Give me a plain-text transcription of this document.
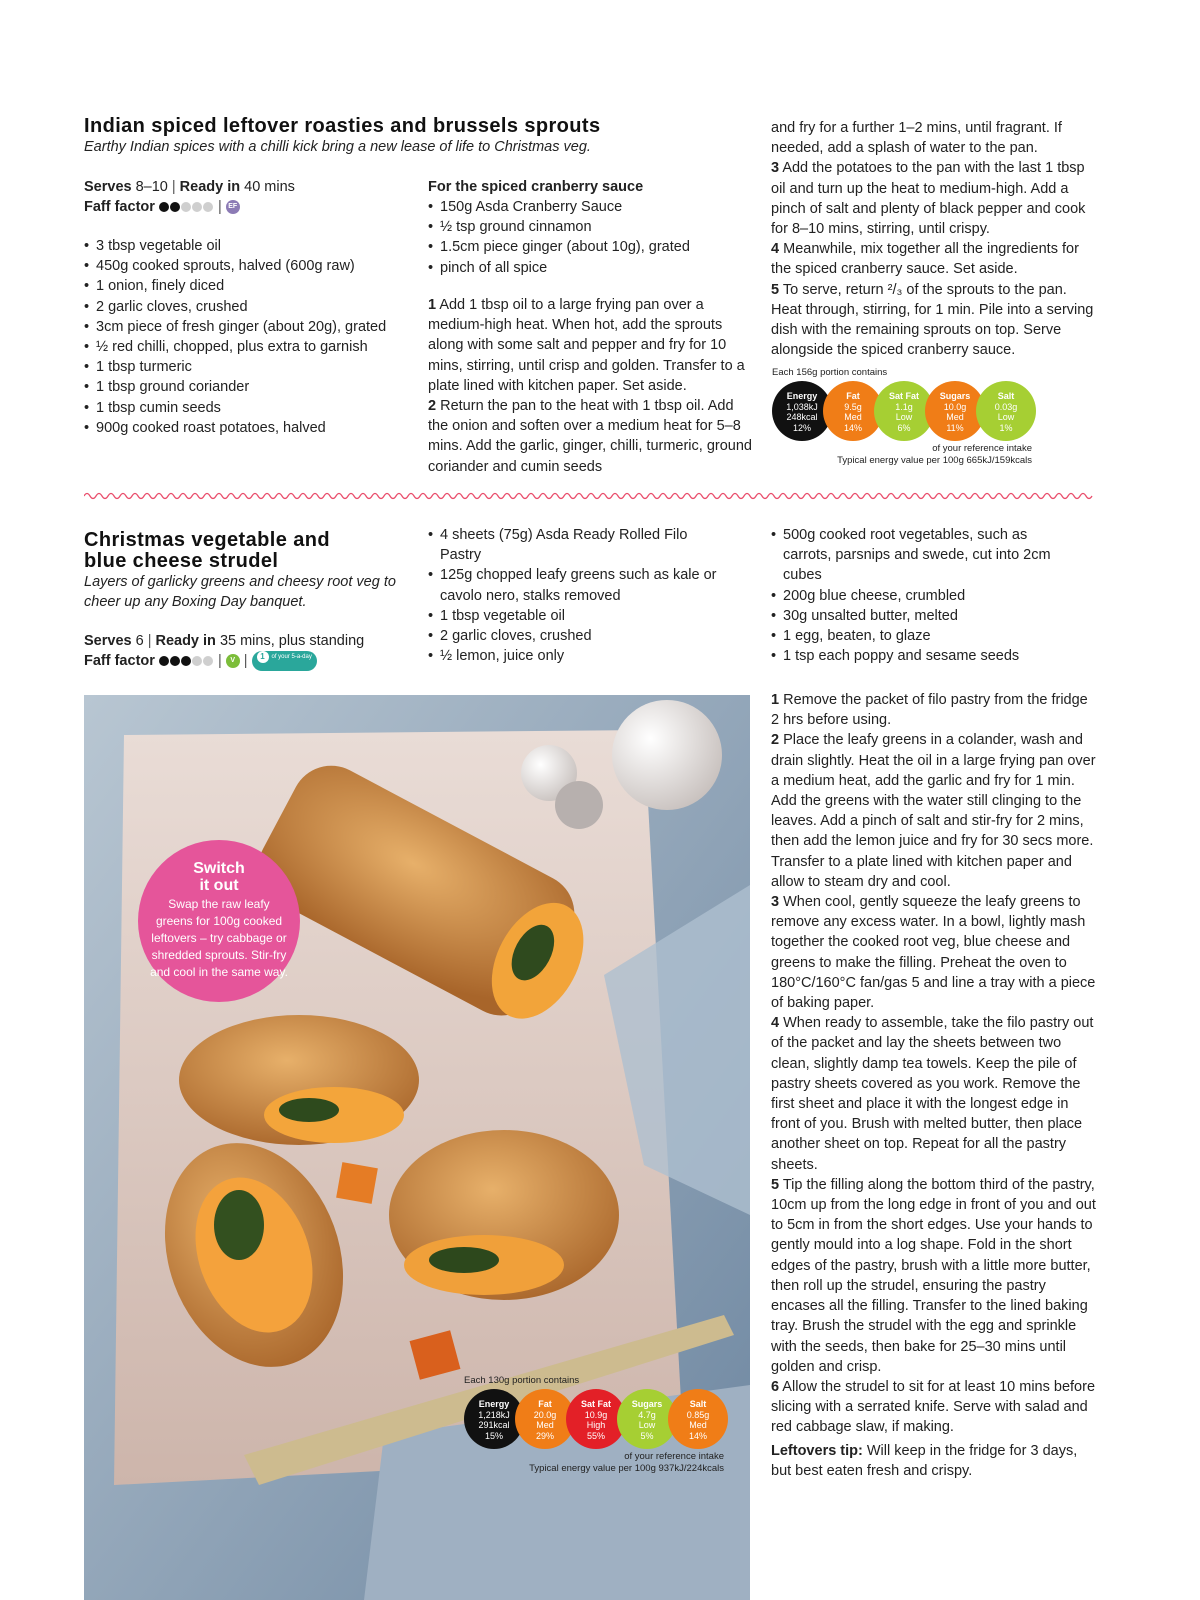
Indian spiced leftover roasties and brussels sprouts
Earthy Indian spices with a chilli kick bring a new lease of life to Christmas veg.
Serves 8–10 | Ready in 40 mins
Faff factor	| EF
• 3 tbsp vegetable oil
• 450g cooked sprouts, halved (600g raw)
• 1 onion, finely diced
• 2 garlic cloves, crushed
• 3cm piece of fresh ginger (about 20g), grated
• ½ red chilli, chopped, plus extra to garnish
• 1 tbsp turmeric
• 1 tbsp ground coriander
• 1 tbsp cumin seeds
• 900g cooked roast potatoes, halved
For the spiced cranberry sauce
• 150g Asda Cranberry Sauce
• ½ tsp ground cinnamon
• 1.5cm piece ginger (about 10g), grated
• pinch of all spice
1 Add 1 tbsp oil to a large frying pan over a medium-high heat. When hot, add the sprouts along with some salt and pepper and fry for 10 mins, stirring, until crisp and golden. Transfer to a plate lined with kitchen paper. Set aside.
2 Return the pan to the heat with 1 tbsp oil. Add the onion and soften over a medium heat for 5–8 mins. Add the garlic, ginger, chilli, turmeric, ground coriander and cumin seeds
and fry for a further 1–2 mins, until fragrant. If needed, add a splash of water to the pan.
3 Add the potatoes to the pan with the last 1 tbsp oil and turn up the heat to medium-high. Add a pinch of salt and plenty of black pepper and cook for 8–10 mins, stirring, until crispy.
4 Meanwhile, mix together all the ingredients for the spiced cranberry sauce. Set aside.
5 To serve, return ²/₃ of the sprouts to the pan. Heat through, stirring, for 1 min. Pile into a serving dish with the remaining sprouts on top. Serve alongside the spiced cranberry sauce.
Each 156g portion contains
Energy
1,038kJ
248kcal
12%
Fat
9.5g
Med
14%
Sat Fat
1.1g
Low
6%
Sugars
10.0g
Med
11%
Salt
0.03g
Low
1%
of your reference intake
Typical energy value per 100g 665kJ/159kcals
Christmas vegetable and
blue cheese strudel
Layers of garlicky greens and cheesy root veg to cheer up any Boxing Day banquet.
Serves 6 | Ready in 35 mins, plus standing
Faff factor	| V | 1 of your 5-a-day
• 4 sheets (75g) Asda Ready Rolled Filo Pastry
• 125g chopped leafy greens such as kale or cavolo nero, stalks removed
• 1 tbsp vegetable oil
• 2 garlic cloves, crushed
• ½ lemon, juice only
• 500g cooked root vegetables, such as carrots, parsnips and swede, cut into 2cm cubes
• 200g blue cheese, crumbled
• 30g unsalted butter, melted
• 1 egg, beaten, to glaze
• 1 tsp each poppy and sesame seeds
Switch
it out
Swap the raw leafy greens for 100g cooked leftovers – try cabbage or shredded sprouts. Stir-fry and cool in the same way.
Each 130g portion contains
Energy
1,218kJ
291kcal
15%
Fat
20.0g
Med
29%
Sat Fat
10.9g
High
55%
Sugars
4.7g
Low
5%
Salt
0.85g
Med
14%
of your reference intake
Typical energy value per 100g 937kJ/224kcals
1 Remove the packet of filo pastry from the fridge 2 hrs before using.
2 Place the leafy greens in a colander, wash and drain slightly. Heat the oil in a large frying pan over a medium heat, add the garlic and fry for 1 min. Add the greens with the water still clinging to the leaves. Add a pinch of salt and stir-fry for 2 mins, then add the lemon juice and fry for 30 secs more. Transfer to a plate lined with kitchen paper and allow to steam dry and cool.
3 When cool, gently squeeze the leafy greens to remove any excess water. In a bowl, lightly mash together the cooked root veg, blue cheese and greens to make the filling. Preheat the oven to 180°C/160°C fan/gas 5 and line a tray with a piece of baking paper.
4 When ready to assemble, take the filo pastry out of the packet and lay the sheets between two clean, slightly damp tea towels. Keep the pile of pastry sheets covered as you work. Remove the first sheet and place it with the longest edge in front of you. Brush with melted butter, then place another sheet on top. Repeat for all the pastry sheets.
5 Tip the filling along the bottom third of the pastry, 10cm up from the long edge in front of you and out to 5cm in from the short edges. Use your hands to gently mould into a log shape. Fold in the short edges of the pastry, brush with a little more butter, then roll up the strudel, ensuring the pastry encases all the filling. Transfer to the lined baking tray. Brush the strudel with the egg and sprinkle with the seeds, then bake for 25–30 mins until golden and crisp.
6 Allow the strudel to sit for at least 10 mins before slicing with a serrated knife. Serve with salad and red cabbage slaw, if making.
Leftovers tip: Will keep in the fridge for 3 days, but best eaten fresh and crispy.
